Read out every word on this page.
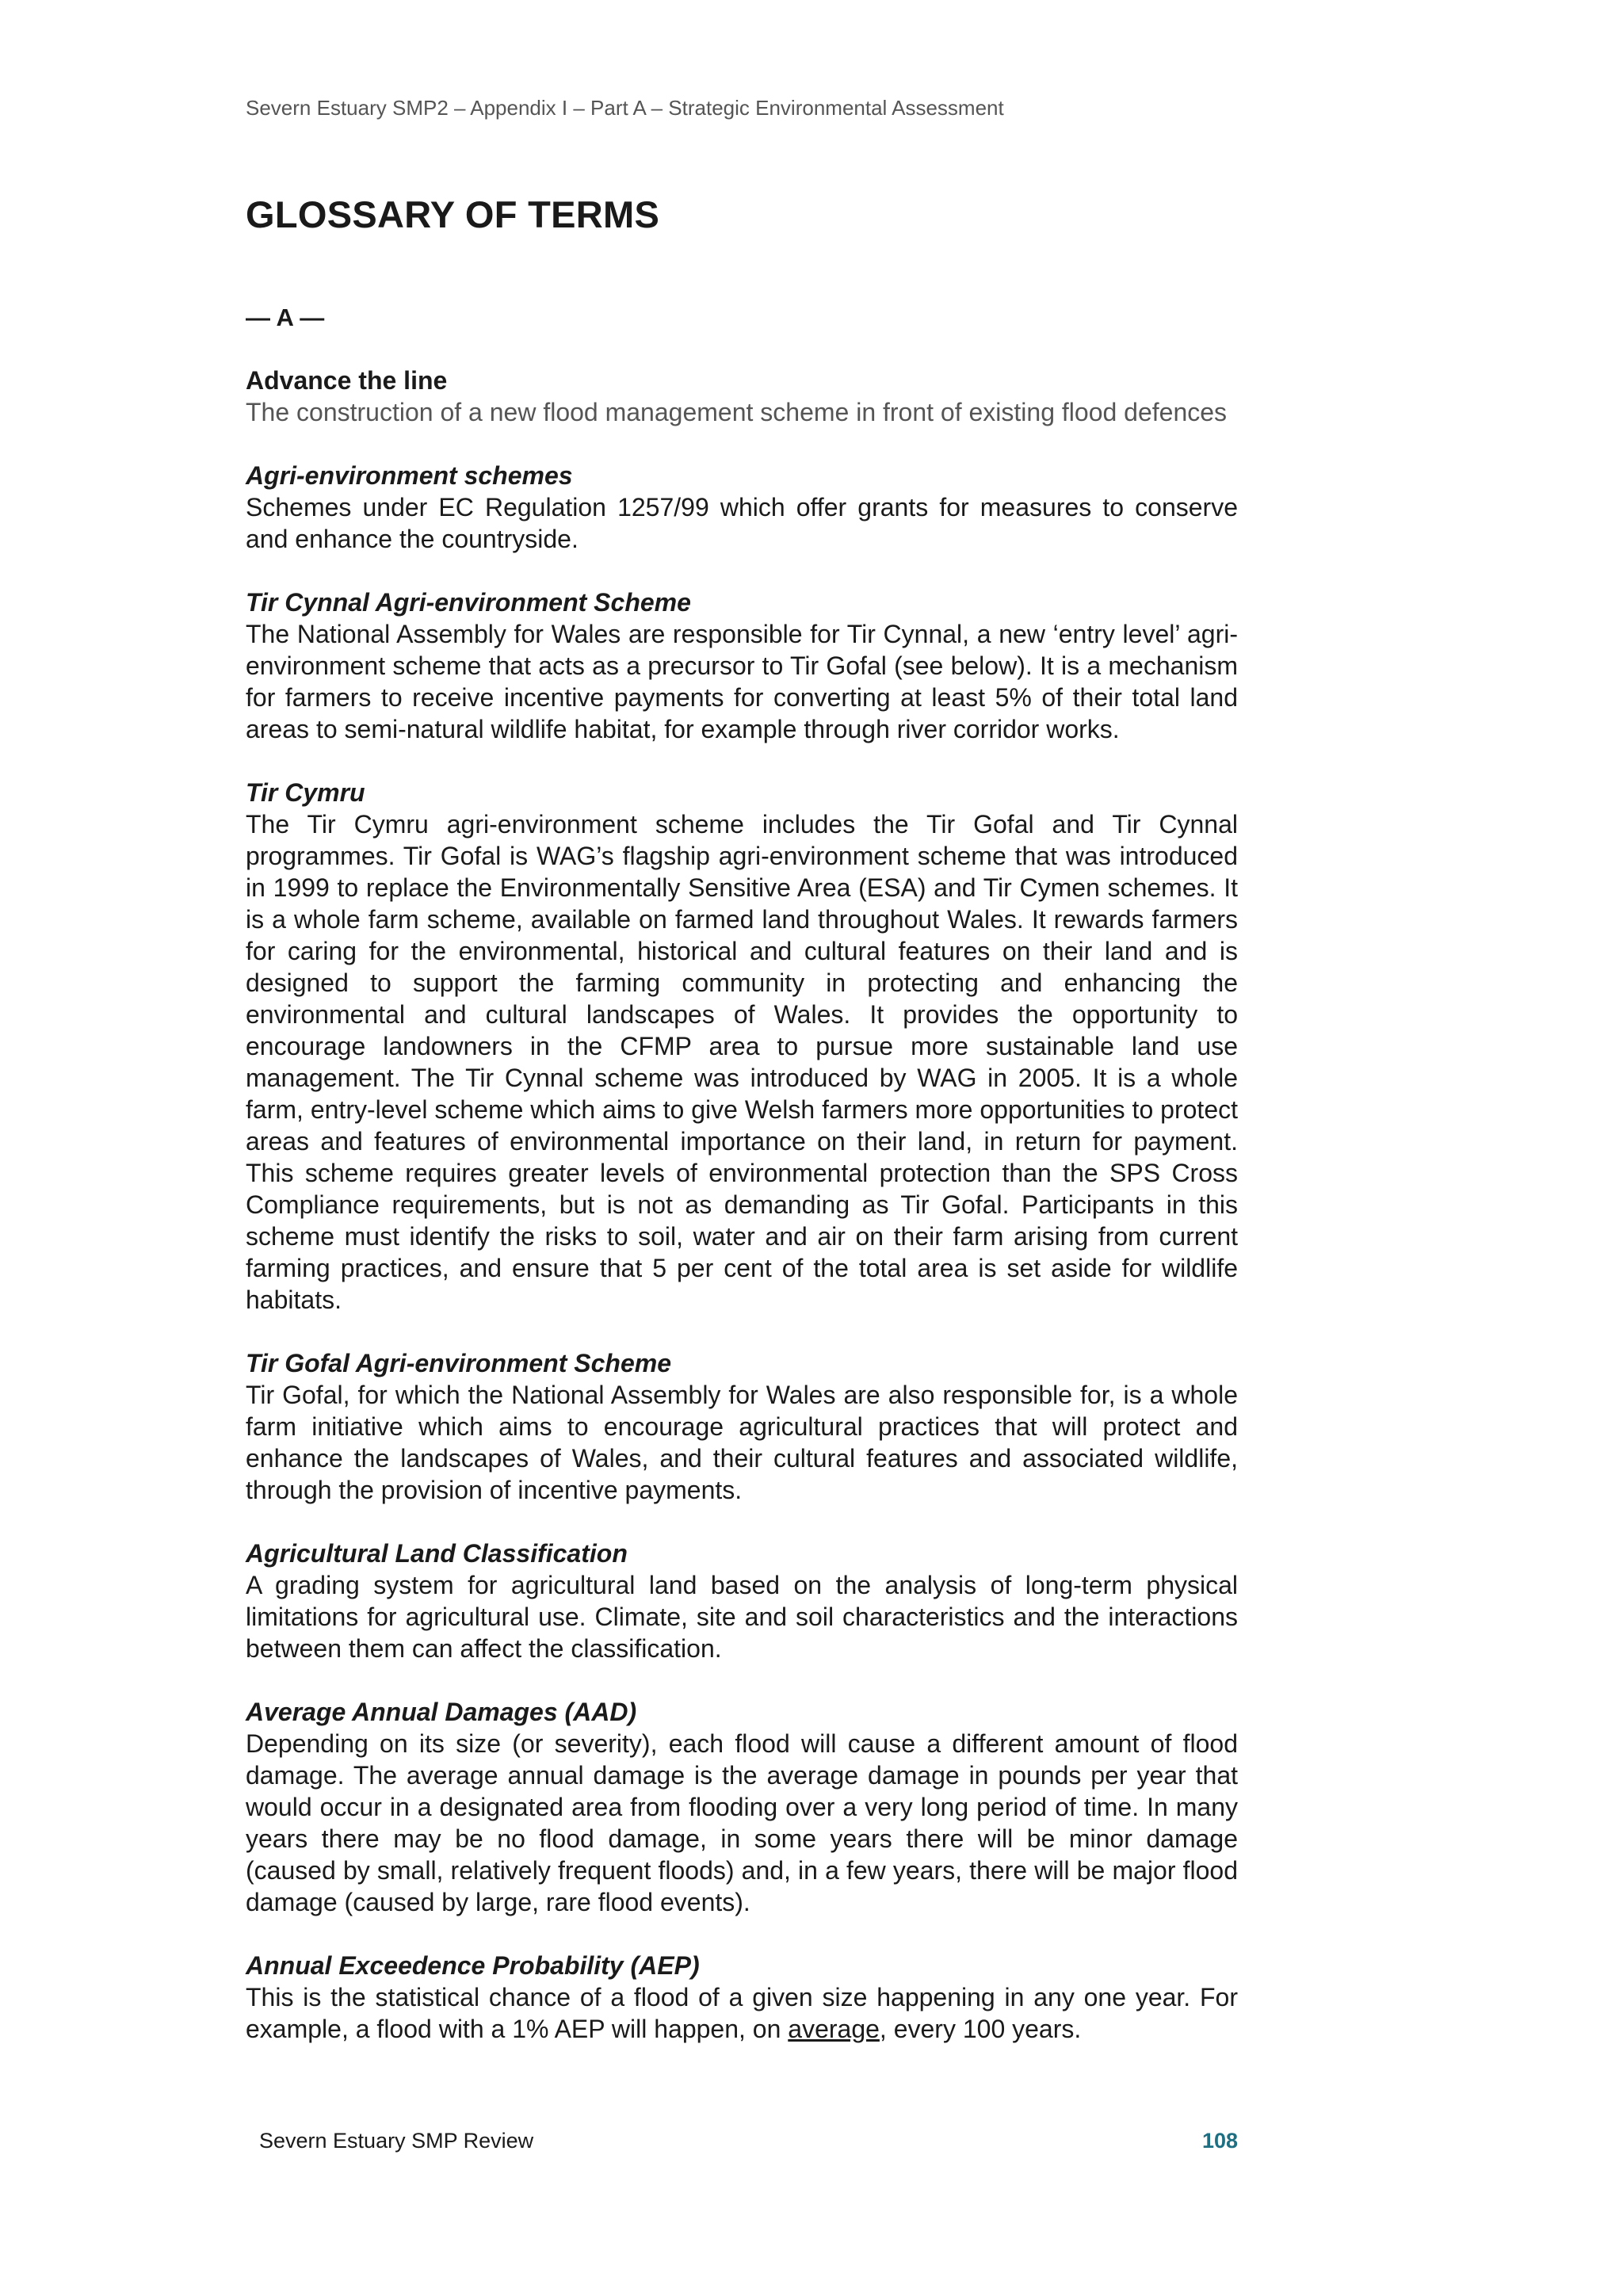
Severn Estuary SMP2 – Appendix I – Part A – Strategic Environmental Assessment
GLOSSARY OF TERMS
— A —
Advance the line
The construction of a new flood management scheme in front of existing flood defences
Agri-environment schemes
Schemes under EC Regulation 1257/99 which offer grants for measures to conserve and enhance the countryside.
Tir Cynnal Agri-environment Scheme
The National Assembly for Wales are responsible for Tir Cynnal, a new ‘entry level’ agri-environment scheme that acts as a precursor to Tir Gofal (see below). It is a mechanism for farmers to receive incentive payments for converting at least 5% of their total land areas to semi-natural wildlife habitat, for example through river corridor works.
Tir Cymru
The Tir Cymru agri-environment scheme includes the Tir Gofal and Tir Cynnal programmes. Tir Gofal is WAG’s flagship agri-environment scheme that was introduced in 1999 to replace the Environmentally Sensitive Area (ESA) and Tir Cymen schemes. It is a whole farm scheme, available on farmed land throughout Wales. It rewards farmers for caring for the environmental, historical and cultural features on their land and is designed to support the farming community in protecting and enhancing the environmental and cultural landscapes of Wales. It provides the opportunity to encourage landowners in the CFMP area to pursue more sustainable land use management. The Tir Cynnal scheme was introduced by WAG in 2005. It is a whole farm, entry-level scheme which aims to give Welsh farmers more opportunities to protect areas and features of environmental importance on their land, in return for payment. This scheme requires greater levels of environmental protection than the SPS Cross Compliance requirements, but is not as demanding as Tir Gofal. Participants in this scheme must identify the risks to soil, water and air on their farm arising from current farming practices, and ensure that 5 per cent of the total area is set aside for wildlife habitats.
Tir Gofal Agri-environment Scheme
Tir Gofal, for which the National Assembly for Wales are also responsible for, is a whole farm initiative which aims to encourage agricultural practices that will protect and enhance the landscapes of Wales, and their cultural features and associated wildlife, through the provision of incentive payments.
Agricultural Land Classification
A grading system for agricultural land based on the analysis of long-term physical limitations for agricultural use. Climate, site and soil characteristics and the interactions between them can affect the classification.
Average Annual Damages (AAD)
Depending on its size (or severity), each flood will cause a different amount of flood damage. The average annual damage is the average damage in pounds per year that would occur in a designated area from flooding over a very long period of time. In many years there may be no flood damage, in some years there will be minor damage (caused by small, relatively frequent floods) and, in a few years, there will be major flood damage (caused by large, rare flood events).
Annual Exceedence Probability (AEP)
This is the statistical chance of a flood of a given size happening in any one year. For example, a flood with a 1% AEP will happen, on average, every 100 years.
Severn Estuary SMP Review	108
